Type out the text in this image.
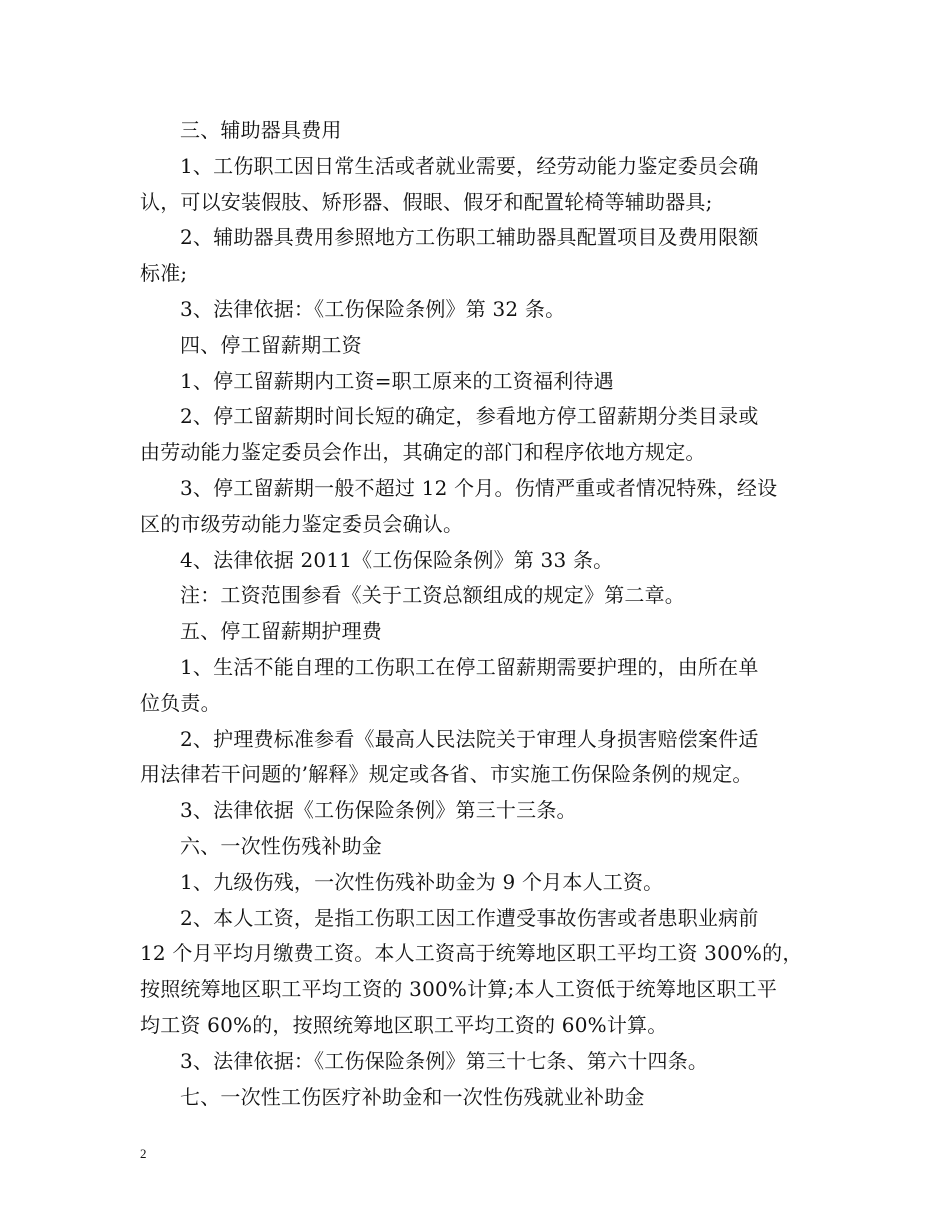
三、辅助器具费用
1、工伤职工因日常生活或者就业需要，经劳动能力鉴定委员会确
认，可以安装假肢、矫形器、假眼、假牙和配置轮椅等辅助器具;
2、辅助器具费用参照地方工伤职工辅助器具配置项目及费用限额
标准;
3、法律依据：《工伤保险条例》第 32 条。
四、停工留薪期工资
1、停工留薪期内工资=职工原来的工资福利待遇
2、停工留薪期时间长短的确定，参看地方停工留薪期分类目录或
由劳动能力鉴定委员会作出，其确定的部门和程序依地方规定。
3、停工留薪期一般不超过 12 个月。伤情严重或者情况特殊，经设
区的市级劳动能力鉴定委员会确认。
4、法律依据 2011《工伤保险条例》第 33 条。
注：工资范围参看《关于工资总额组成的规定》第二章。
五、停工留薪期护理费
1、生活不能自理的工伤职工在停工留薪期需要护理的，由所在单
位负责。
2、护理费标准参看《最高人民法院关于审理人身损害赔偿案件适
用法律若干问题的’解释》规定或各省、市实施工伤保险条例的规定。
3、法律依据《工伤保险条例》第三十三条。
六、一次性伤残补助金
1、九级伤残，一次性伤残补助金为 9 个月本人工资。
2、本人工资，是指工伤职工因工作遭受事故伤害或者患职业病前
12 个月平均月缴费工资。本人工资高于统筹地区职工平均工资 300%的，
按照统筹地区职工平均工资的 300%计算;本人工资低于统筹地区职工平
均工资 60%的，按照统筹地区职工平均工资的 60%计算。
3、法律依据：《工伤保险条例》第三十七条、第六十四条。
七、一次性工伤医疗补助金和一次性伤残就业补助金
2
